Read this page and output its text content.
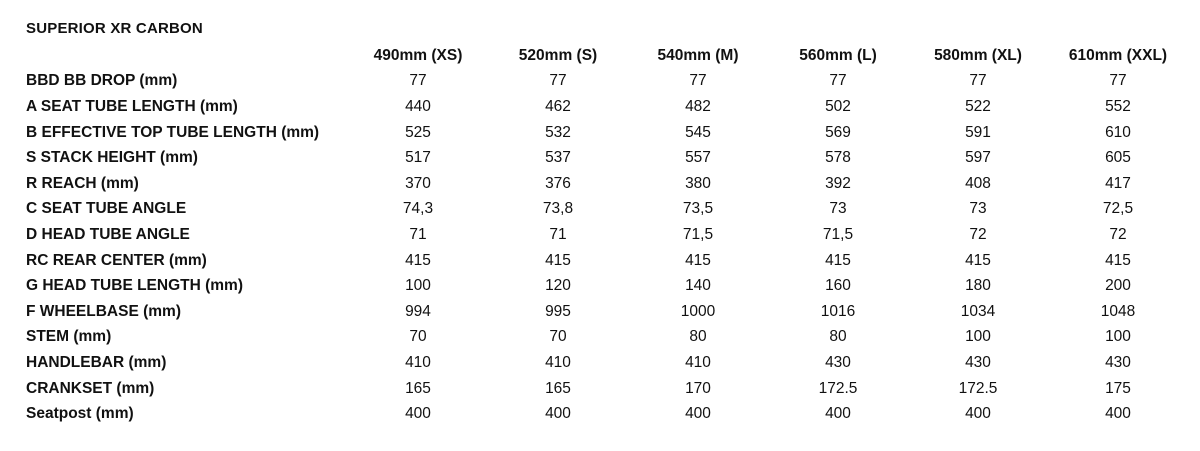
SUPERIOR XR CARBON
	490mm (XS)	520mm (S)	540mm (M)	560mm (L)	580mm (XL)	610mm (XXL)
BBD BB DROP (mm)	77	77	77	77	77	77
A SEAT TUBE LENGTH (mm)	440	462	482	502	522	552
B EFFECTIVE TOP TUBE LENGTH (mm)	525	532	545	569	591	610
S STACK HEIGHT (mm)	517	537	557	578	597	605
R REACH (mm)	370	376	380	392	408	417
C SEAT TUBE ANGLE	74,3	73,8	73,5	73	73	72,5
D HEAD TUBE ANGLE	71	71	71,5	71,5	72	72
RC REAR CENTER (mm)	415	415	415	415	415	415
G HEAD TUBE LENGTH (mm)	100	120	140	160	180	200
F WHEELBASE (mm)	994	995	1000	1016	1034	1048
STEM (mm)	70	70	80	80	100	100
HANDLEBAR (mm)	410	410	410	430	430	430
CRANKSET (mm)	165	165	170	172.5	172.5	175
Seatpost (mm)	400	400	400	400	400	400
